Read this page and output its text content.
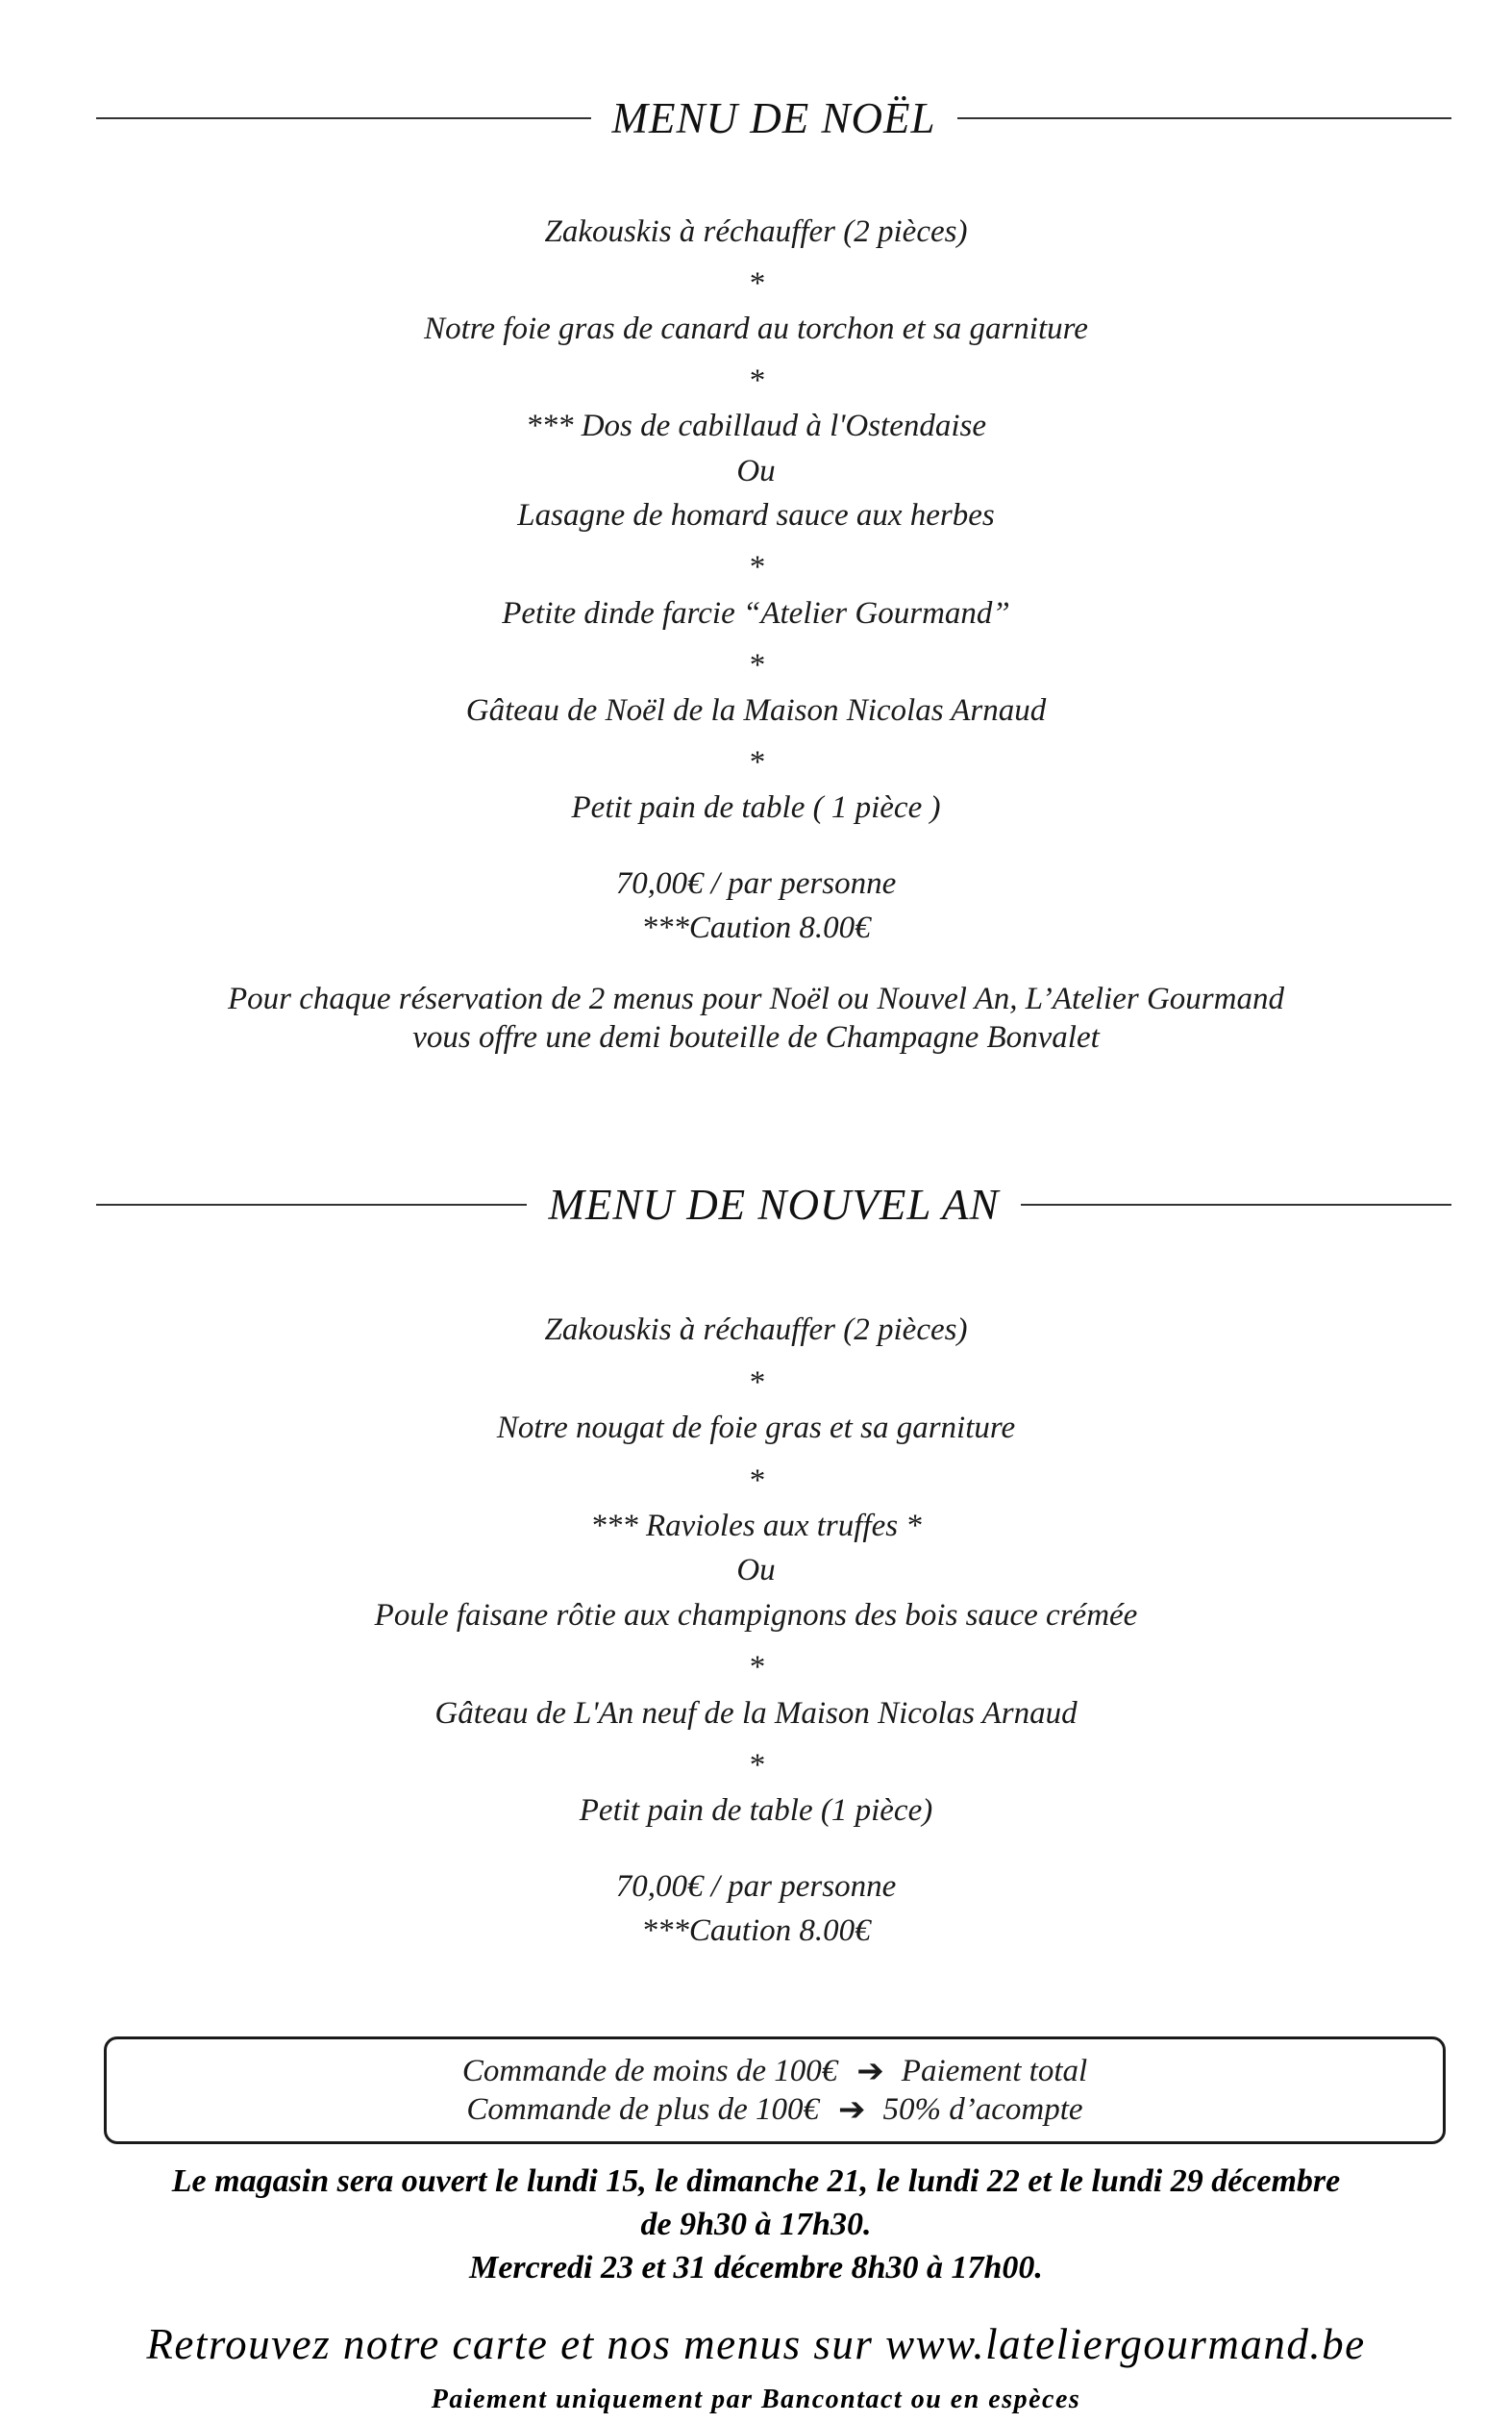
MENU DE NOËL
Zakouskis à réchauffer (2 pièces)
*
Notre foie gras de canard au torchon et sa garniture
*
*** Dos de cabillaud à l'Ostendaise
Ou
Lasagne de homard sauce aux herbes
*
Petite dinde farcie “Atelier Gourmand”
*
Gâteau de Noël de la Maison Nicolas Arnaud
*
Petit pain de table ( 1 pièce )
70,00€ / par personne
***Caution 8.00€
Pour chaque réservation de 2 menus pour Noël ou Nouvel An, L’Atelier Gourmand
vous offre une demi bouteille de Champagne Bonvalet
MENU DE NOUVEL AN
Zakouskis à réchauffer (2 pièces)
*
Notre nougat de foie gras et sa garniture
*
*** Ravioles aux truffes *
Ou
Poule faisane rôtie aux champignons des bois sauce crémée
*
Gâteau de L'An neuf de la Maison Nicolas Arnaud
*
Petit pain de table (1 pièce)
70,00€ / par personne
***Caution 8.00€
Commande de moins de 100€ ➔ Paiement total
Commande de plus de 100€ ➔ 50% d’acompte
Le magasin sera ouvert le lundi 15, le dimanche 21, le lundi 22 et le lundi 29 décembre
de 9h30 à 17h30.
Mercredi 23 et 31 décembre 8h30 à 17h00.
Retrouvez notre carte et nos menus sur www.lateliergourmand.be
Paiement uniquement par Bancontact ou en espèces
